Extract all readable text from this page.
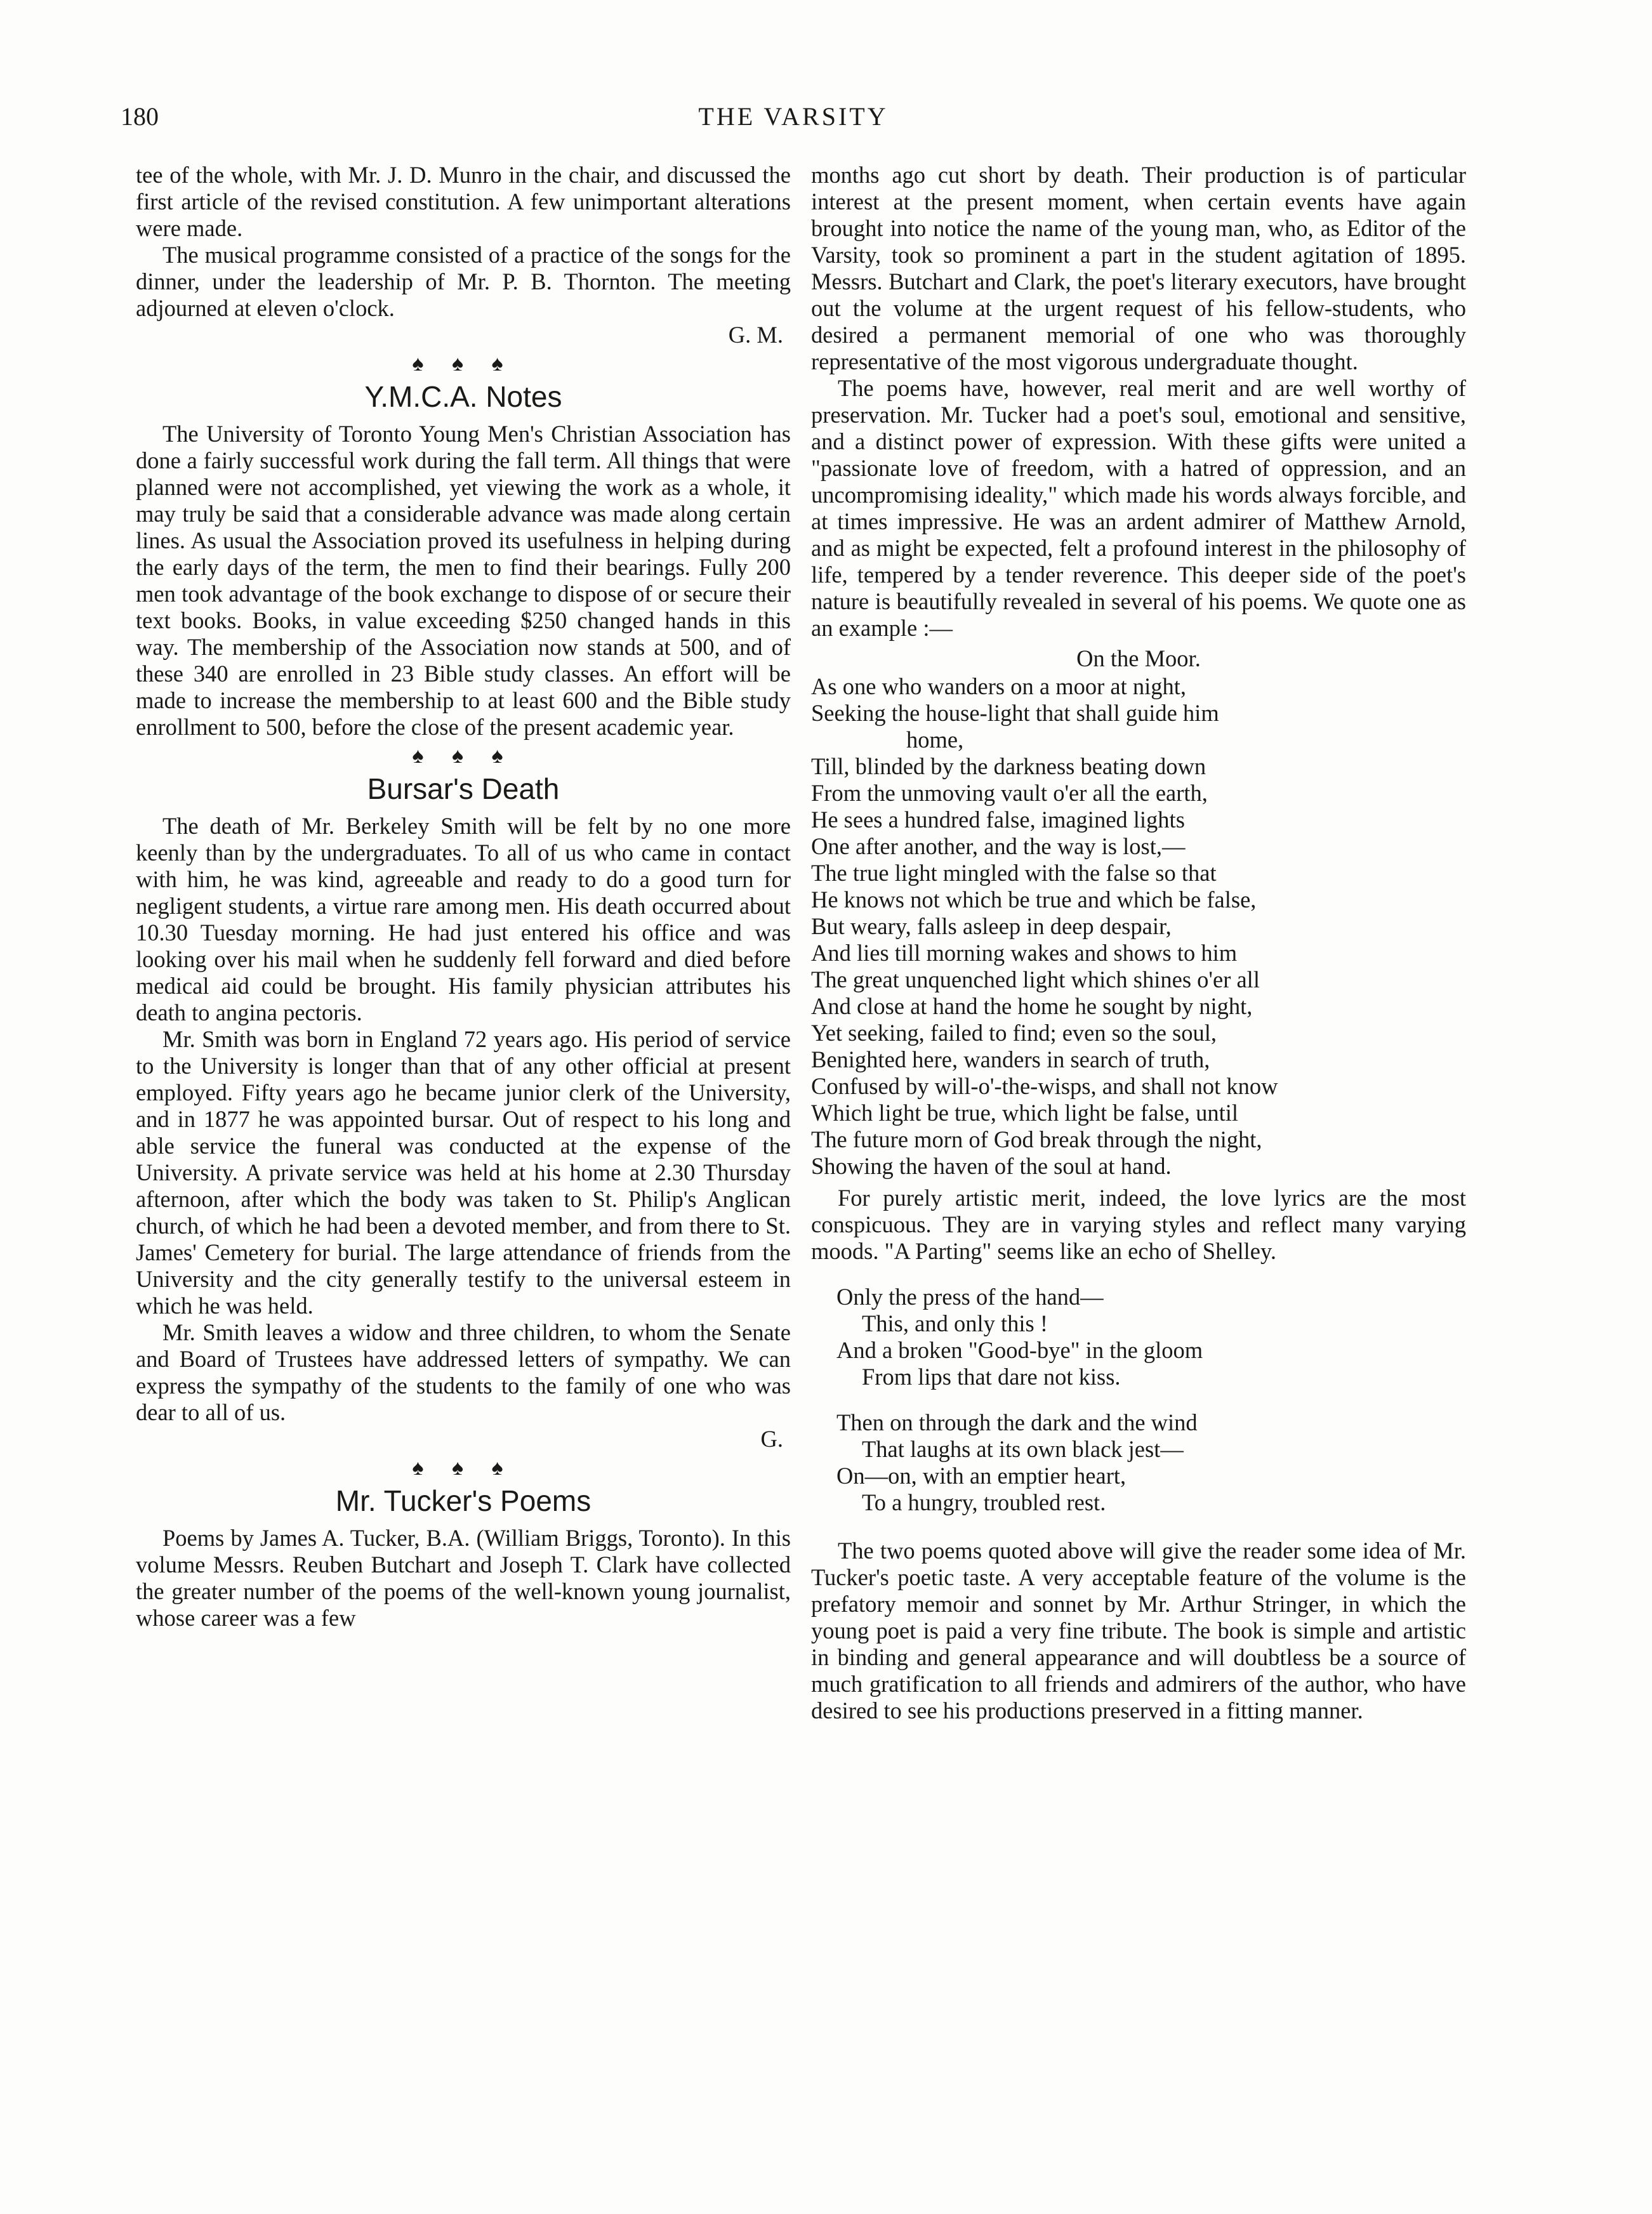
180	THE VARSITY

tee of the whole, with Mr. J. D. Munro in the chair, and discussed the first article of the revised constitution. A few unimportant alterations were made.

The musical programme consisted of a practice of the songs for the dinner, under the leadership of Mr. P. B. Thornton. The meeting adjourned at eleven o'clock.

G. M.
♠ ♠ ♠
Y.M.C.A. Notes

The University of Toronto Young Men's Christian Association has done a fairly successful work during the fall term. All things that were planned were not accomplished, yet viewing the work as a whole, it may truly be said that a considerable advance was made along certain lines. As usual the Association proved its usefulness in helping during the early days of the term, the men to find their bearings. Fully 200 men took advantage of the book exchange to dispose of or secure their text books. Books, in value exceeding $250 changed hands in this way. The membership of the Association now stands at 500, and of these 340 are enrolled in 23 Bible study classes. An effort will be made to increase the membership to at least 600 and the Bible study enrollment to 500, before the close of the present academic year.

♠ ♠ ♠
Bursar's Death

The death of Mr. Berkeley Smith will be felt by no one more keenly than by the undergraduates. To all of us who came in contact with him, he was kind, agreeable and ready to do a good turn for negligent students, a virtue rare among men. His death occurred about 10.30 Tuesday morning. He had just entered his office and was looking over his mail when he suddenly fell forward and died before medical aid could be brought. His family physician attributes his death to angina pectoris.

Mr. Smith was born in England 72 years ago. His period of service to the University is longer than that of any other official at present employed. Fifty years ago he became junior clerk of the University, and in 1877 he was appointed bursar. Out of respect to his long and able service the funeral was conducted at the expense of the University. A private service was held at his home at 2.30 Thursday afternoon, after which the body was taken to St. Philip's Anglican church, of which he had been a devoted member, and from there to St. James' Cemetery for burial. The large attendance of friends from the University and the city generally testify to the universal esteem in which he was held.

Mr. Smith leaves a widow and three children, to whom the Senate and Board of Trustees have addressed letters of sympathy. We can express the sympathy of the students to the family of one who was dear to all of us.

G.
♠ ♠ ♠
Mr. Tucker's Poems

Poems by James A. Tucker, B.A. (William Briggs, Toronto). In this volume Messrs. Reuben Butchart and Joseph T. Clark have collected the greater number of the poems of the well-known young journalist, whose career was a few

months ago cut short by death. Their production is of particular interest at the present moment, when certain events have again brought into notice the name of the young man, who, as Editor of the Varsity, took so prominent a part in the student agitation of 1895. Messrs. Butchart and Clark, the poet's literary executors, have brought out the volume at the urgent request of his fellow-students, who desired a permanent memorial of one who was thoroughly representative of the most vigorous undergraduate thought.

The poems have, however, real merit and are well worthy of preservation. Mr. Tucker had a poet's soul, emotional and sensitive, and a distinct power of expression. With these gifts were united a "passionate love of freedom, with a hatred of oppression, and an uncompromising ideality," which made his words always forcible, and at times impressive. He was an ardent admirer of Matthew Arnold, and as might be expected, felt a profound interest in the philosophy of life, tempered by a tender reverence. This deeper side of the poet's nature is beautifully revealed in several of his poems. We quote one as an example :—

On the Moor.
As one who wanders on a moor at night,
Seeking the house-light that shall guide him
home,
Till, blinded by the darkness beating down
From the unmoving vault o'er all the earth,
He sees a hundred false, imagined lights
One after another, and the way is lost,—
The true light mingled with the false so that
He knows not which be true and which be false,
But weary, falls asleep in deep despair,
And lies till morning wakes and shows to him
The great unquenched light which shines o'er all
And close at hand the home he sought by night,
Yet seeking, failed to find; even so the soul,
Benighted here, wanders in search of truth,
Confused by will-o'-the-wisps, and shall not know
Which light be true, which light be false, until
The future morn of God break through the night,
Showing the haven of the soul at hand.

For purely artistic merit, indeed, the love lyrics are the most conspicuous. They are in varying styles and reflect many varying moods. "A Parting" seems like an echo of Shelley.

Only the press of the hand—
This, and only this !
And a broken "Good-bye" in the gloom
From lips that dare not kiss.
Then on through the dark and the wind
That laughs at its own black jest—
On—on, with an emptier heart,
To a hungry, troubled rest.

The two poems quoted above will give the reader some idea of Mr. Tucker's poetic taste. A very acceptable feature of the volume is the prefatory memoir and sonnet by Mr. Arthur Stringer, in which the young poet is paid a very fine tribute. The book is simple and artistic in binding and general appearance and will doubtless be a source of much gratification to all friends and admirers of the author, who have desired to see his productions preserved in a fitting manner.
